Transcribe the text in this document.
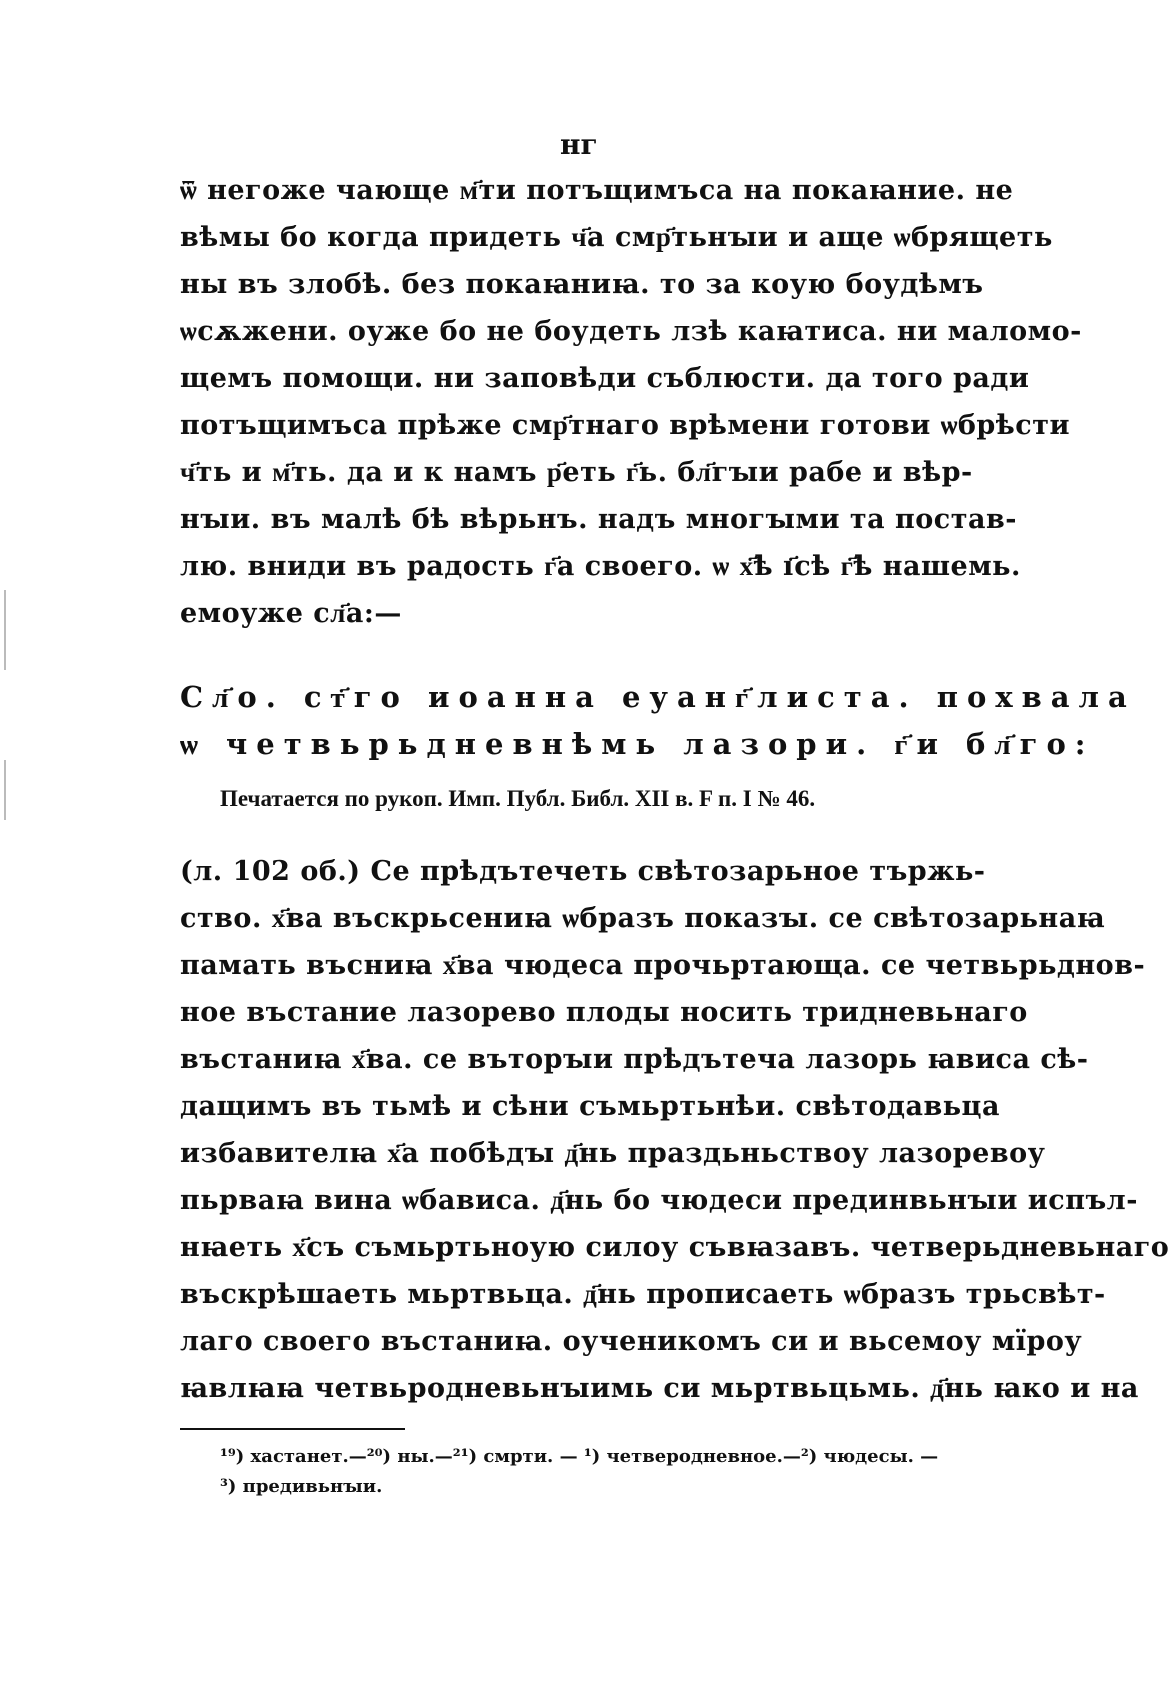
нг
ѿ негоже чающе м҃ти потъщимъса на покаꙗние. не
вѣмы бо когда придеть ч҃а смр҃тьнꙑи и аще ѡбрящеть
ны въ злобѣ. без покаꙗниꙗ. то за коую боудѣмъ
ѡсѫжени. оуже бо не боудеть лзѣ каꙗтиса. ни маломо-
щемъ помощи. ни заповѣди съблюсти. да того ради
потъщимъса прѣже смр҃тнаго врѣмени готови ѡбрѣсти
ч҃ть и м҃ть. да и к намъ р҃еть г҃ь. бл҃гꙑи рабе и вѣр-
нꙑи. въ малѣ бѣ вѣрьнъ. надъ многꙑми та постав-
лю. вниди въ радость г҃а своего. ѡ х҃ѣ ı҃сѣ г҃ѣ нашемь.
емоуже сл҃а:—
Сл҃о. ст҃го иоанна еуанг҃листа. похвала
ѡ четвьрьдневнѣмь лазори. г҃и бл҃го:
Печатается по рукоп. Имп. Публ. Библ. XII в. F п. I № 46.
(л. 102 об.) Се прѣдътечеть свѣтозарьное тържь-
ство. х҃ва въскрьсениꙗ ѡбразъ показꙑ. се свѣтозарьнаꙗ
памать въсниꙗ х҃ва чюдеса прочьртающа. се четвьрьднов-
ное въстание лазорево плоды носить тридневьнаго
въстаниꙗ х҃ва. се въторꙑи прѣдътеча лазорь ꙗвиса сѣ-
дащимъ въ тьмѣ и сѣни съмьртьнѣи. свѣтодавьца
избавителꙗ х҃а побѣдꙑ д҃нь праздьньствоу лазоревоу
пьрваꙗ вина ѡбависа. д҃нь бо чюдеси прединвьнꙑи испъл-
нꙗеть х҃съ съмьртьноую силоу съвꙗзавъ. четверьдневьнаго
въскрѣшаеть мьртвьца. д҃нь прописаеть ѡбразъ трьсвѣт-
лаго своего въстаниꙗ. оученикомъ си и вьсемоу мїроу
ꙗвлꙗꙗ четвьродневьнꙑимь си мьртвьцьмь. д҃нь ꙗко и на
¹⁹) хастанет.—²⁰) ны.—²¹) смрти. — ¹) четверодневное.—²) чюдесы. —
³) предивьнꙑи.
